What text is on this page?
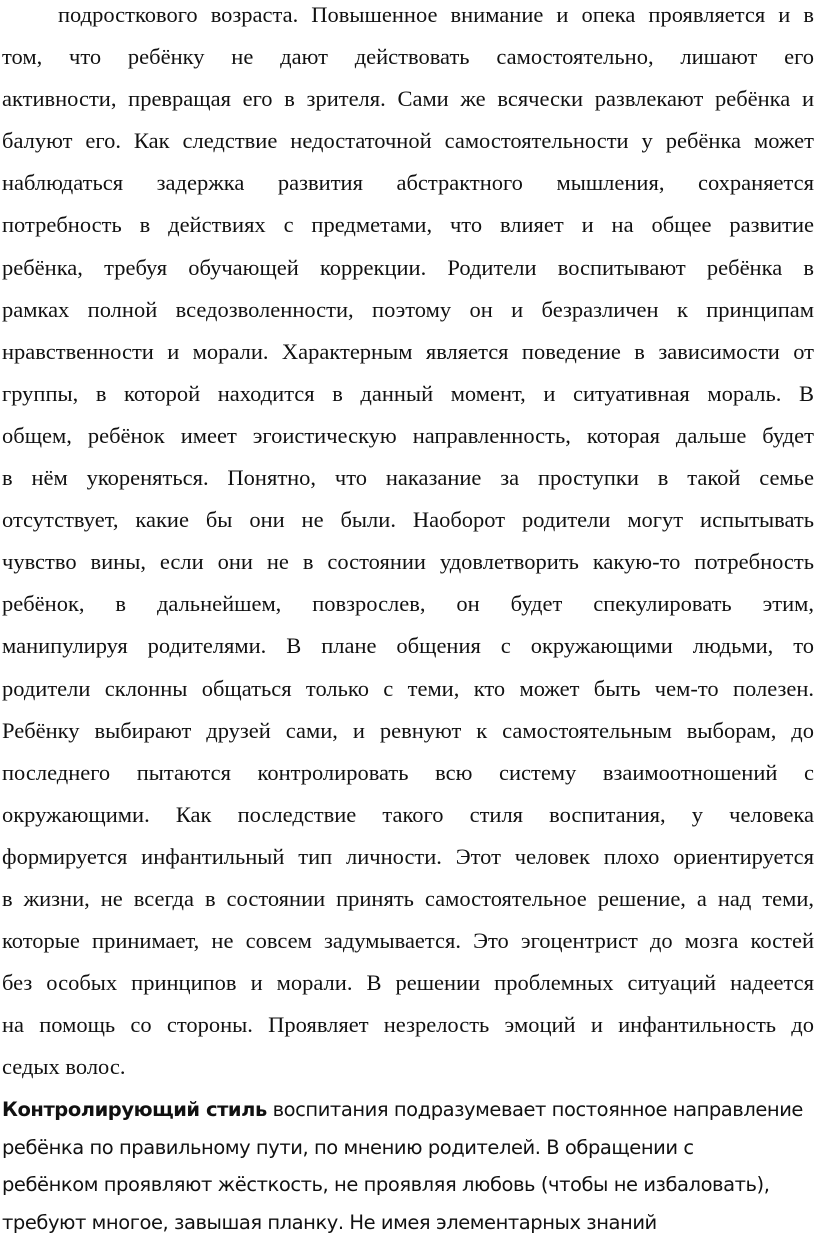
подросткового возраста. Повышенное внимание и опека проявляется и в
том, что ребёнку не дают действовать самостоятельно, лишают его
активности, превращая его в зрителя. Сами же всячески развлекают ребёнка и
балуют его. Как следствие недостаточной самостоятельности у ребёнка может
наблюдаться задержка развития абстрактного мышления, сохраняется
потребность в действиях с предметами, что влияет и на общее развитие
ребёнка, требуя обучающей коррекции. Родители воспитывают ребёнка в
рамках полной вседозволенности, поэтому он и безразличен к принципам
нравственности и морали. Характерным является поведение в зависимости от
группы, в которой находится в данный момент, и ситуативная мораль. В
общем, ребёнок имеет эгоистическую направленность, которая дальше будет
в нём укореняться. Понятно, что наказание за проступки в такой семье
отсутствует, какие бы они не были. Наоборот родители могут испытывать
чувство вины, если они не в состоянии удовлетворить какую-то потребность
ребёнок, в дальнейшем, повзрослев, он будет спекулировать этим,
манипулируя родителями. В плане общения с окружающими людьми, то
родители склонны общаться только с теми, кто может быть чем-то полезен.
Ребёнку выбирают друзей сами, и ревнуют к самостоятельным выборам, до
последнего пытаются контролировать всю систему взаимоотношений с
окружающими. Как последствие такого стиля воспитания, у человека
формируется инфантильный тип личности. Этот человек плохо ориентируется
в жизни, не всегда в состоянии принять самостоятельное решение, а над теми,
которые принимает, не совсем задумывается. Это эгоцентрист до мозга костей
без особых принципов и морали. В решении проблемных ситуаций надеется
на помощь со стороны. Проявляет незрелость эмоций и инфантильность до
седых волос.
Контролирующий стиль воспитания подразумевает постоянное направление
ребёнка по правильному пути, по мнению родителей. В обращении с
ребёнком проявляют жёсткость, не проявляя любовь (чтобы не избаловать),
требуют многое, завышая планку. Не имея элементарных знаний
